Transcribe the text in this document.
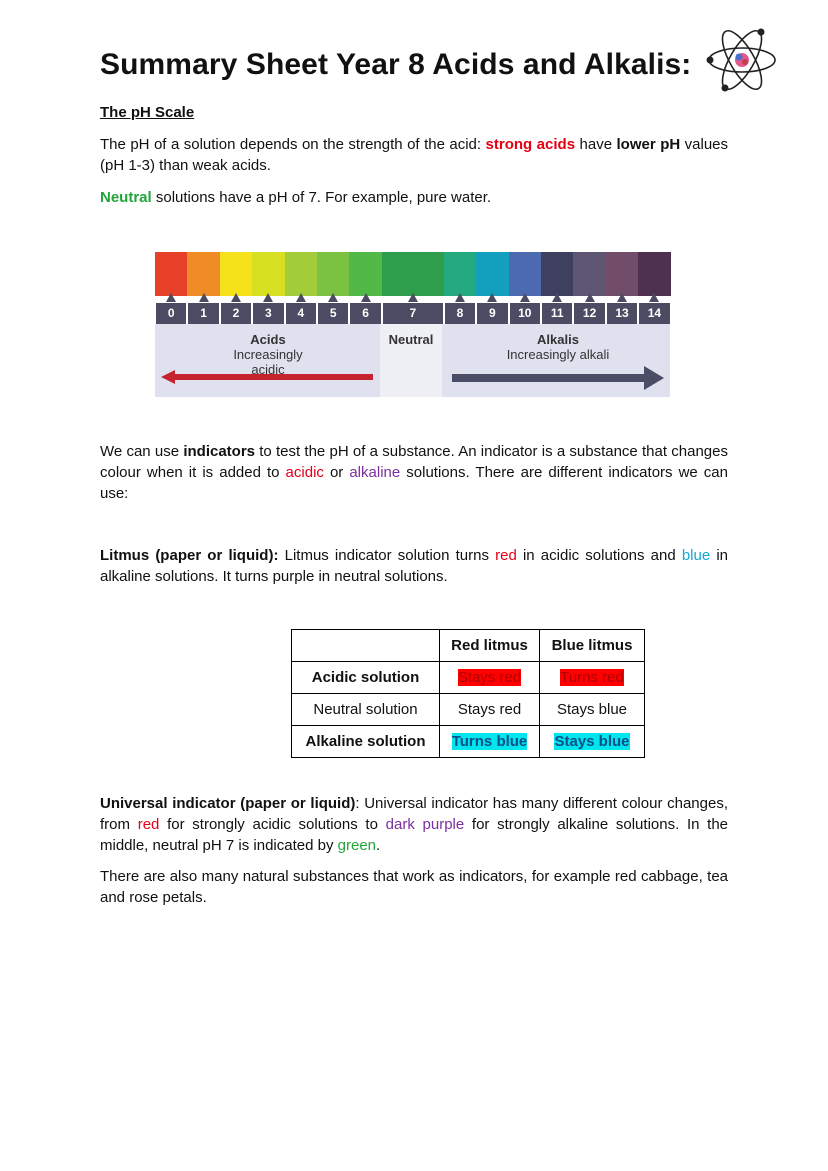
Summary Sheet Year 8 Acids and Alkalis:
The pH Scale
The pH of a solution depends on the strength of the acid: strong acids have lower pH values (pH 1-3) than weak acids.
Neutral solutions have a pH of 7. For example, pure water.
0	1	2	3	4	5	6	7	8	9	10	11	12	13	14
Acids
Increasingly acidic
Neutral	Alkalis
Increasingly alkali
We can use indicators to test the pH of a substance. An indicator is a substance that changes colour when it is added to acidic or alkaline solutions. There are different indicators we can use:
Litmus (paper or liquid): Litmus indicator solution turns red in acidic solutions and blue in alkaline solutions. It turns purple in neutral solutions.
	Red litmus	Blue litmus
Acidic solution	Stays red	Turns red
Neutral solution	Stays red	Stays blue
Alkaline solution	Turns blue	Stays blue
Universal indicator (paper or liquid): Universal indicator has many different colour changes, from red for strongly acidic solutions to dark purple for strongly alkaline solutions. In the middle, neutral pH 7 is indicated by green.
There are also many natural substances that work as indicators, for example red cabbage, tea and rose petals.
